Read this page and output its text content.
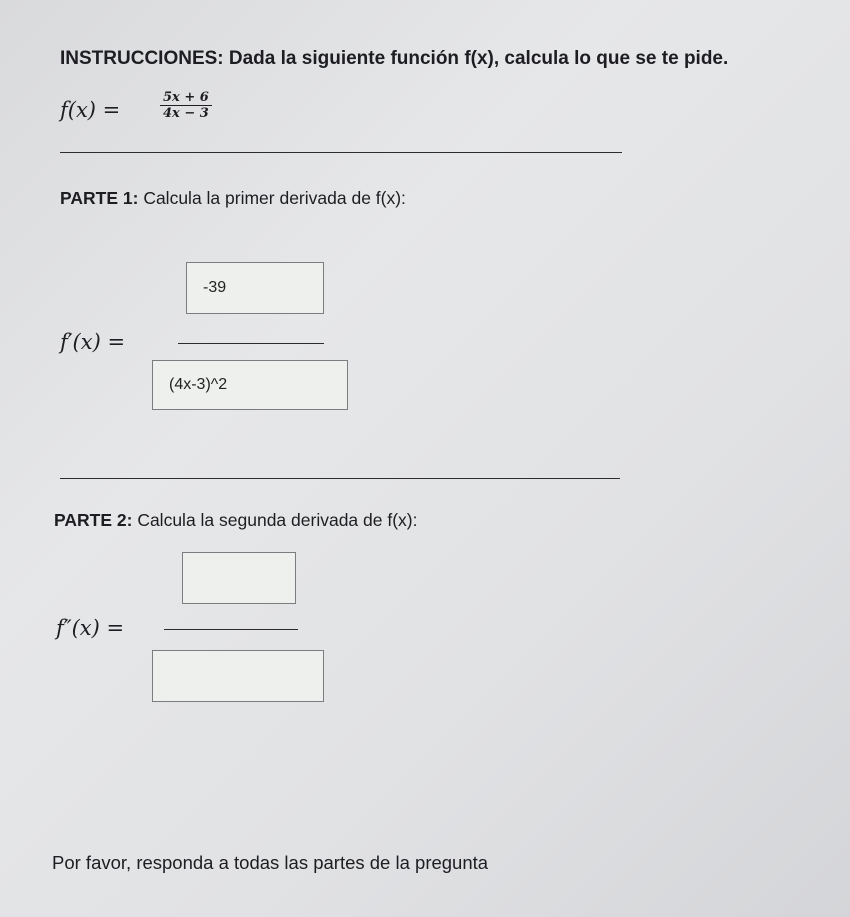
INSTRUCCIONES: Dada la siguiente función f(x), calcula lo que se te pide.
f(x) =	$\frac{5x + 6}{4x - 3}$
PARTE 1: Calcula la primer derivada de f(x):
-39
f′(x) =
(4x-3)^2
PARTE 2: Calcula la segunda derivada de f(x):
f″(x) =
Por favor, responda a todas las partes de la pregunta
